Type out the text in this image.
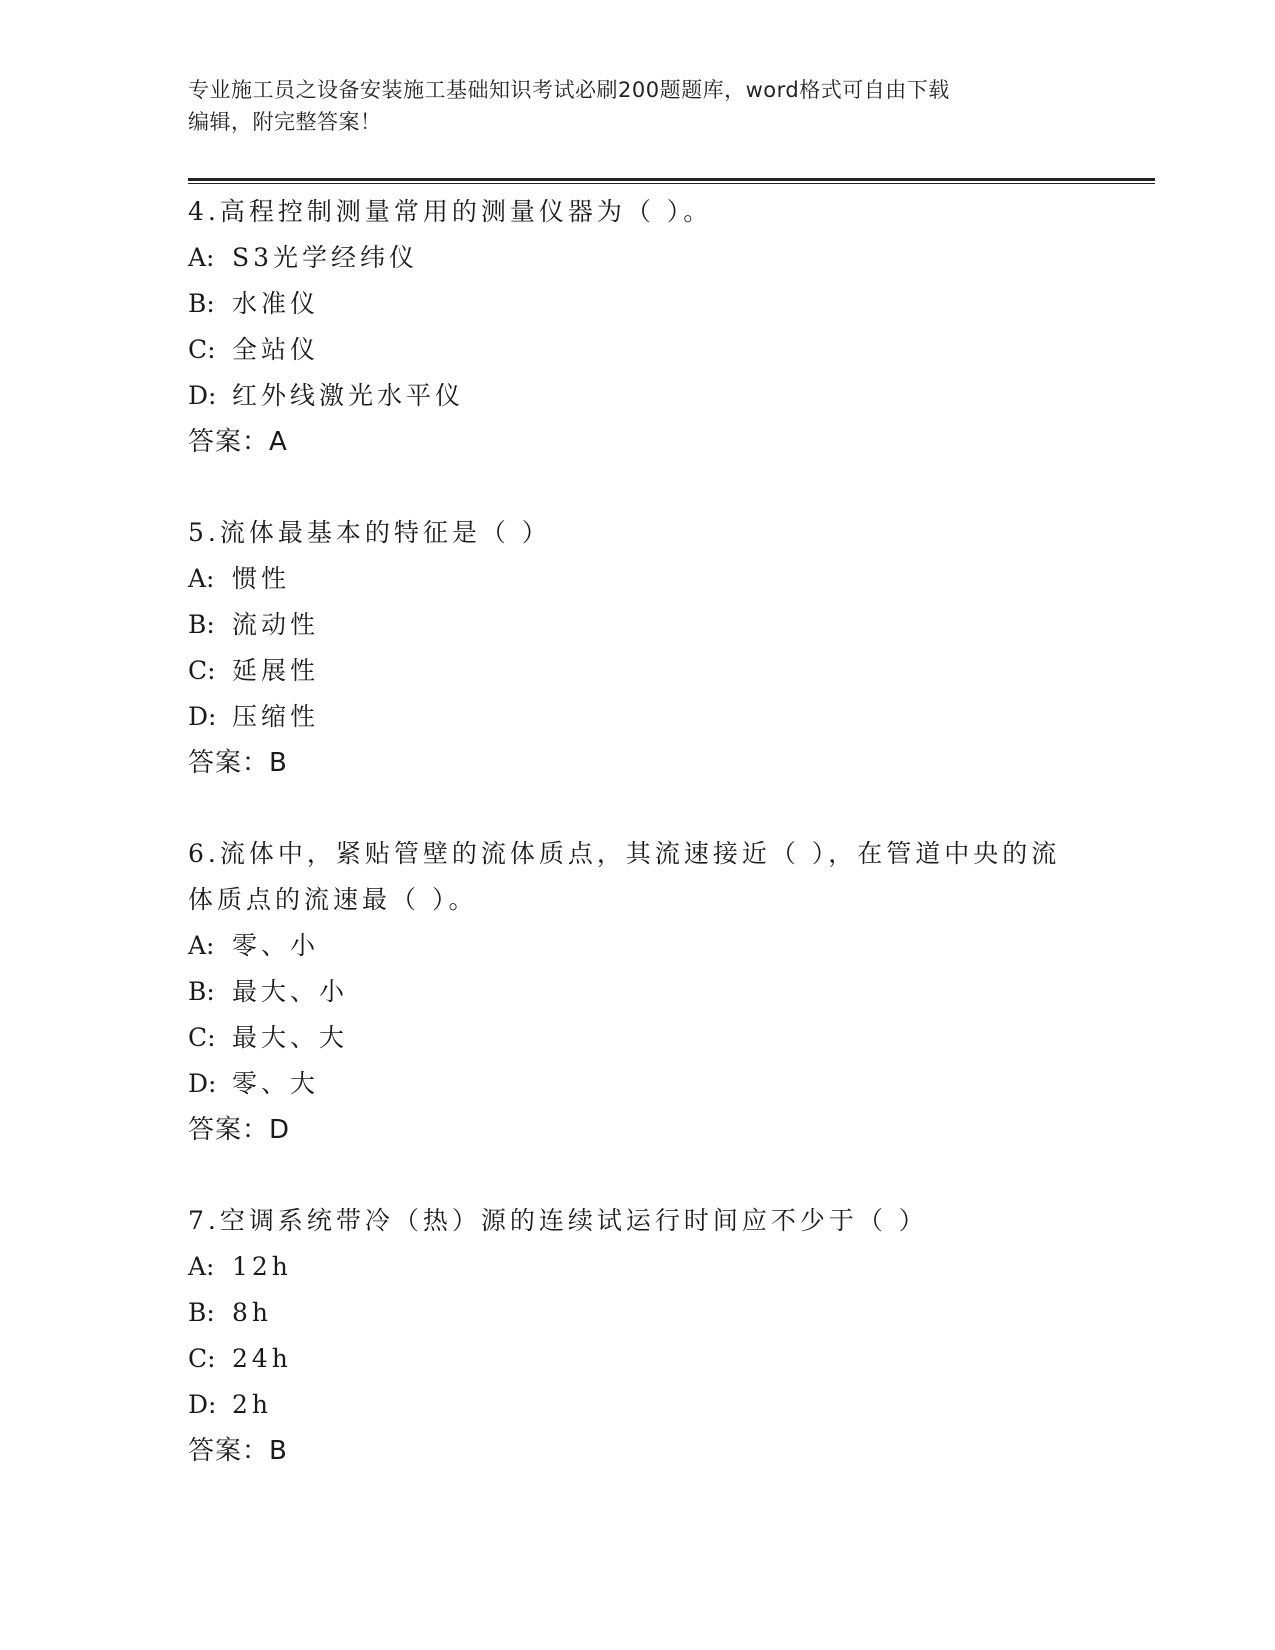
专业施工员之设备安装施工基础知识考试必刷200题题库，word格式可自由下载
编辑，附完整答案！
4.高程控制测量常用的测量仪器为（ ）。
A: S3光学经纬仪
B: 水准仪
C: 全站仪
D: 红外线激光水平仪
答案：A
5.流体最基本的特征是（ ）
A: 惯性
B: 流动性
C: 延展性
D: 压缩性
答案：B
6.流体中，紧贴管壁的流体质点，其流速接近（ ），在管道中央的流
体质点的流速最（ ）。
A: 零、小
B: 最大、小
C: 最大、大
D: 零、大
答案：D
7.空调系统带冷（热）源的连续试运行时间应不少于（ ）
A: 12h
B: 8h
C: 24h
D: 2h
答案：B
